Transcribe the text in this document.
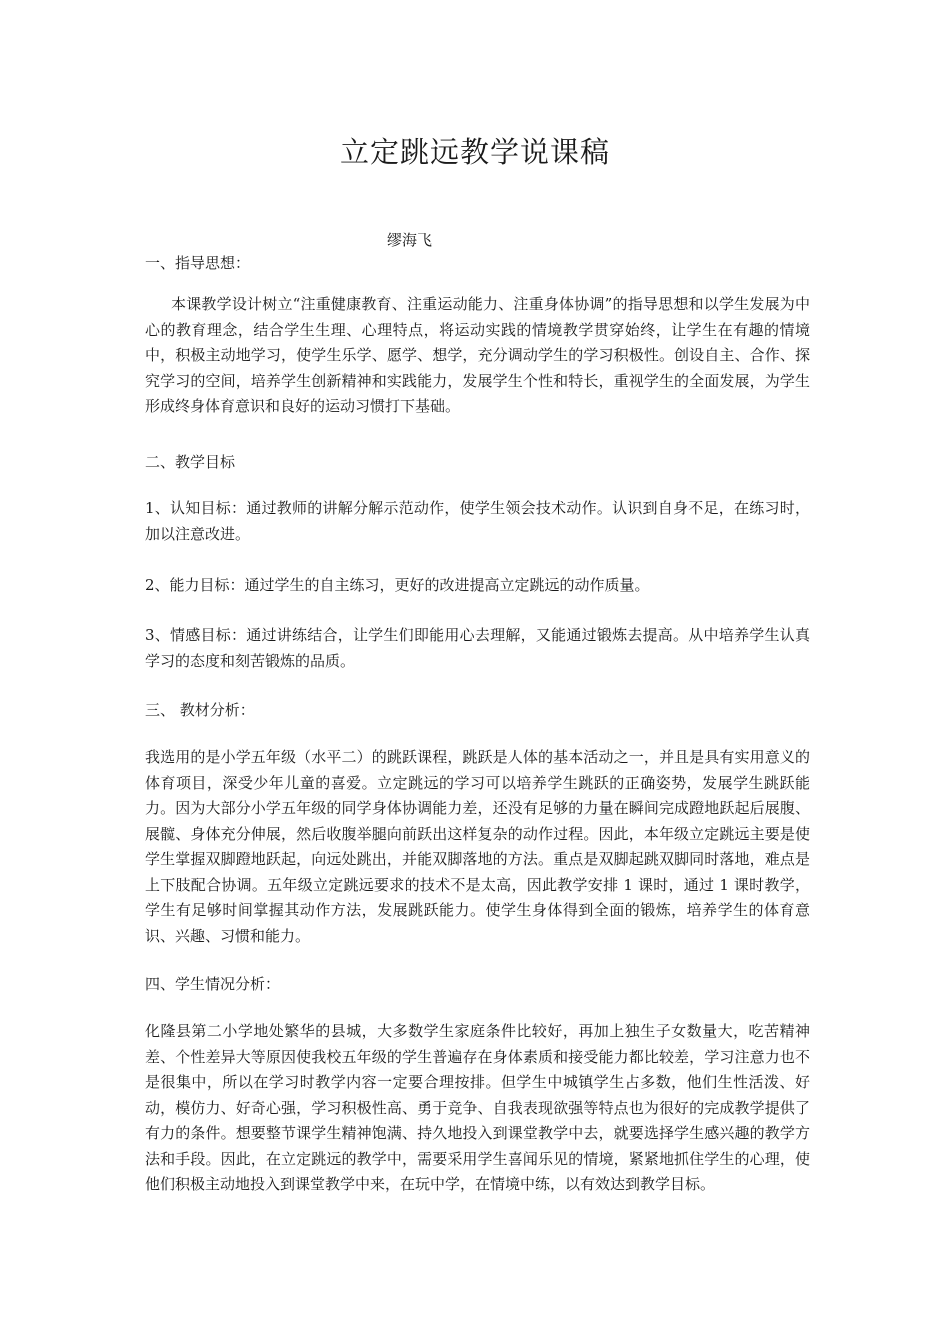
立定跳远教学说课稿
缪海飞
一、指导思想：
本课教学设计树立“注重健康教育、注重运动能力、注重身体协调”的指导思想和以学生发展为中心的教育理念，结合学生生理、心理特点，将运动实践的情境教学贯穿始终，让学生在有趣的情境中，积极主动地学习，使学生乐学、愿学、想学，充分调动学生的学习积极性。创设自主、合作、探究学习的空间，培养学生创新精神和实践能力，发展学生个性和特长，重视学生的全面发展，为学生形成终身体育意识和良好的运动习惯打下基础。
二、教学目标
1、认知目标：通过教师的讲解分解示范动作，使学生领会技术动作。认识到自身不足，在练习时，加以注意改进。
2、能力目标：通过学生的自主练习，更好的改进提高立定跳远的动作质量。
3、情感目标：通过讲练结合，让学生们即能用心去理解，又能通过锻炼去提高。从中培养学生认真学习的态度和刻苦锻炼的品质。
三、 教材分析：
我选用的是小学五年级（水平二）的跳跃课程，跳跃是人体的基本活动之一，并且是具有实用意义的体育项目，深受少年儿童的喜爱。立定跳远的学习可以培养学生跳跃的正确姿势，发展学生跳跃能力。因为大部分小学五年级的同学身体协调能力差，还没有足够的力量在瞬间完成蹬地跃起后展腹、展髋、身体充分伸展，然后收腹举腿向前跃出这样复杂的动作过程。因此，本年级立定跳远主要是使学生掌握双脚蹬地跃起，向远处跳出，并能双脚落地的方法。重点是双脚起跳双脚同时落地，难点是上下肢配合协调。五年级立定跳远要求的技术不是太高，因此教学安排 1 课时，通过 1 课时教学，学生有足够时间掌握其动作方法，发展跳跃能力。使学生身体得到全面的锻炼，培养学生的体育意识、兴趣、习惯和能力。
四、学生情况分析：
化隆县第二小学地处繁华的县城，大多数学生家庭条件比较好，再加上独生子女数量大，吃苦精神差、个性差异大等原因使我校五年级的学生普遍存在身体素质和接受能力都比较差，学习注意力也不是很集中，所以在学习时教学内容一定要合理按排。但学生中城镇学生占多数，他们生性活泼、好动，模仿力、好奇心强，学习积极性高、勇于竞争、自我表现欲强等特点也为很好的完成教学提供了有力的条件。想要整节课学生精神饱满、持久地投入到课堂教学中去，就要选择学生感兴趣的教学方法和手段。因此，在立定跳远的教学中，需要采用学生喜闻乐见的情境，紧紧地抓住学生的心理，使他们积极主动地投入到课堂教学中来，在玩中学，在情境中练，以有效达到教学目标。
